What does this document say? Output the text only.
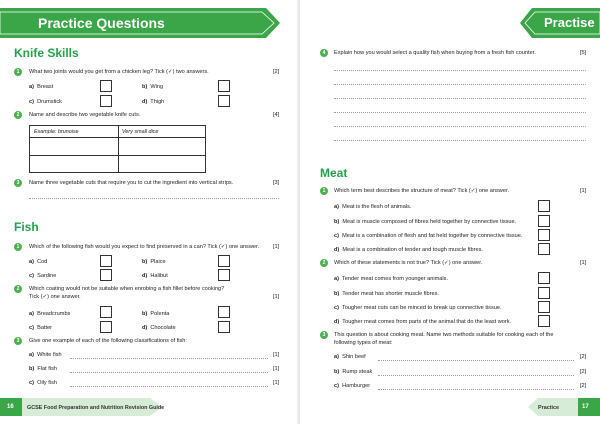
Practice Questions
Knife Skills
1	What two joints would you get from a chicken leg? Tick (✓) two answers.	[2]
a) Breast	b) Wing
c) Drumstick	d) Thigh
2	Name and describe two vegetable knife cuts.	[4]
Example: brunoise	Very small dice
3	Name three vegetable cuts that require you to cut the ingredient into vertical strips.	[3]
Fish
1	Which of the following fish would you expect to find preserved in a can? Tick (✓) one answer.	[1]
a) Cod	b) Plaice
c) Sardine	d) Halibut
2	Which coating would not be suitable when enrobing a fish fillet before cooking?
Tick (✓) one answer.	[1]
a) Breadcrumbs	b) Polenta
c) Batter	d) Chocolate
3	Give one example of each of the following classifications of fish:
a) White fish	[1]
b) Flat fish	[1]
c) Oily fish	[1]
16 GCSE Food Preparation and Nutrition Revision Guide
Practise
4	Explain how you would select a quality fish when buying from a fresh fish counter.	[5]
Meat
1	Which term best describes the structure of meat? Tick (✓) one answer.	[1]
a) Meat is the flesh of animals.
b) Meat is muscle composed of fibres held together by connective tissue.
c) Meat is a combination of flesh and fat held together by connective tissue.
d) Meat is a combination of tender and tough muscle fibres.
2	Which of these statements is not true? Tick (✓) one answer.	[1]
a) Tender meat comes from younger animals.
b) Tender meat has shorter muscle fibres.
c) Tougher meat cuts can be minced to break up connective tissue.
d) Tougher meat comes from parts of the animal that do the least work.
3	This question is about cooking meat. Name two methods suitable for cooking each of the
following types of meat:
a) Shin beef	[2]
b) Rump steak	[2]
c) Hamburger	[2]
Practice	17
